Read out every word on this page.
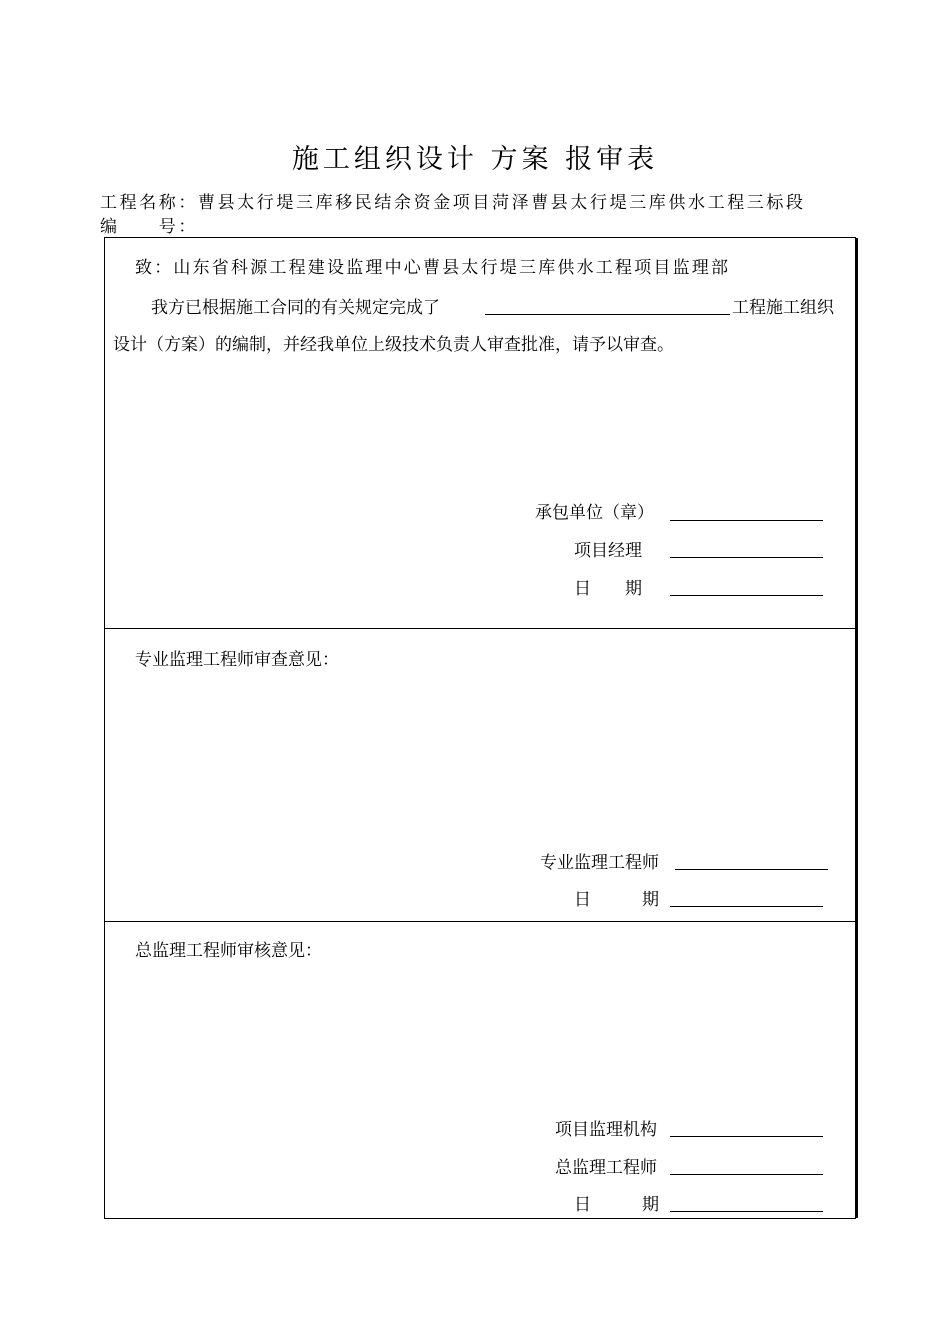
施工组织设计 方案 报审表
工程名称：曹县太行堤三库移民结余资金项目菏泽曹县太行堤三库供水工程三标段
编　　号：
致：山东省科源工程建设监理中心曹县太行堤三库供水工程项目监理部
我方已根据施工合同的有关规定完成了	工程施工组织
设计（方案）的编制，并经我单位上级技术负责人审查批准，请予以审查。
承包单位（章）
项目经理
日　　期
专业监理工程师审查意见：
专业监理工程师
日　　　期
总监理工程师审核意见：
项目监理机构
总监理工程师
日　　　期
